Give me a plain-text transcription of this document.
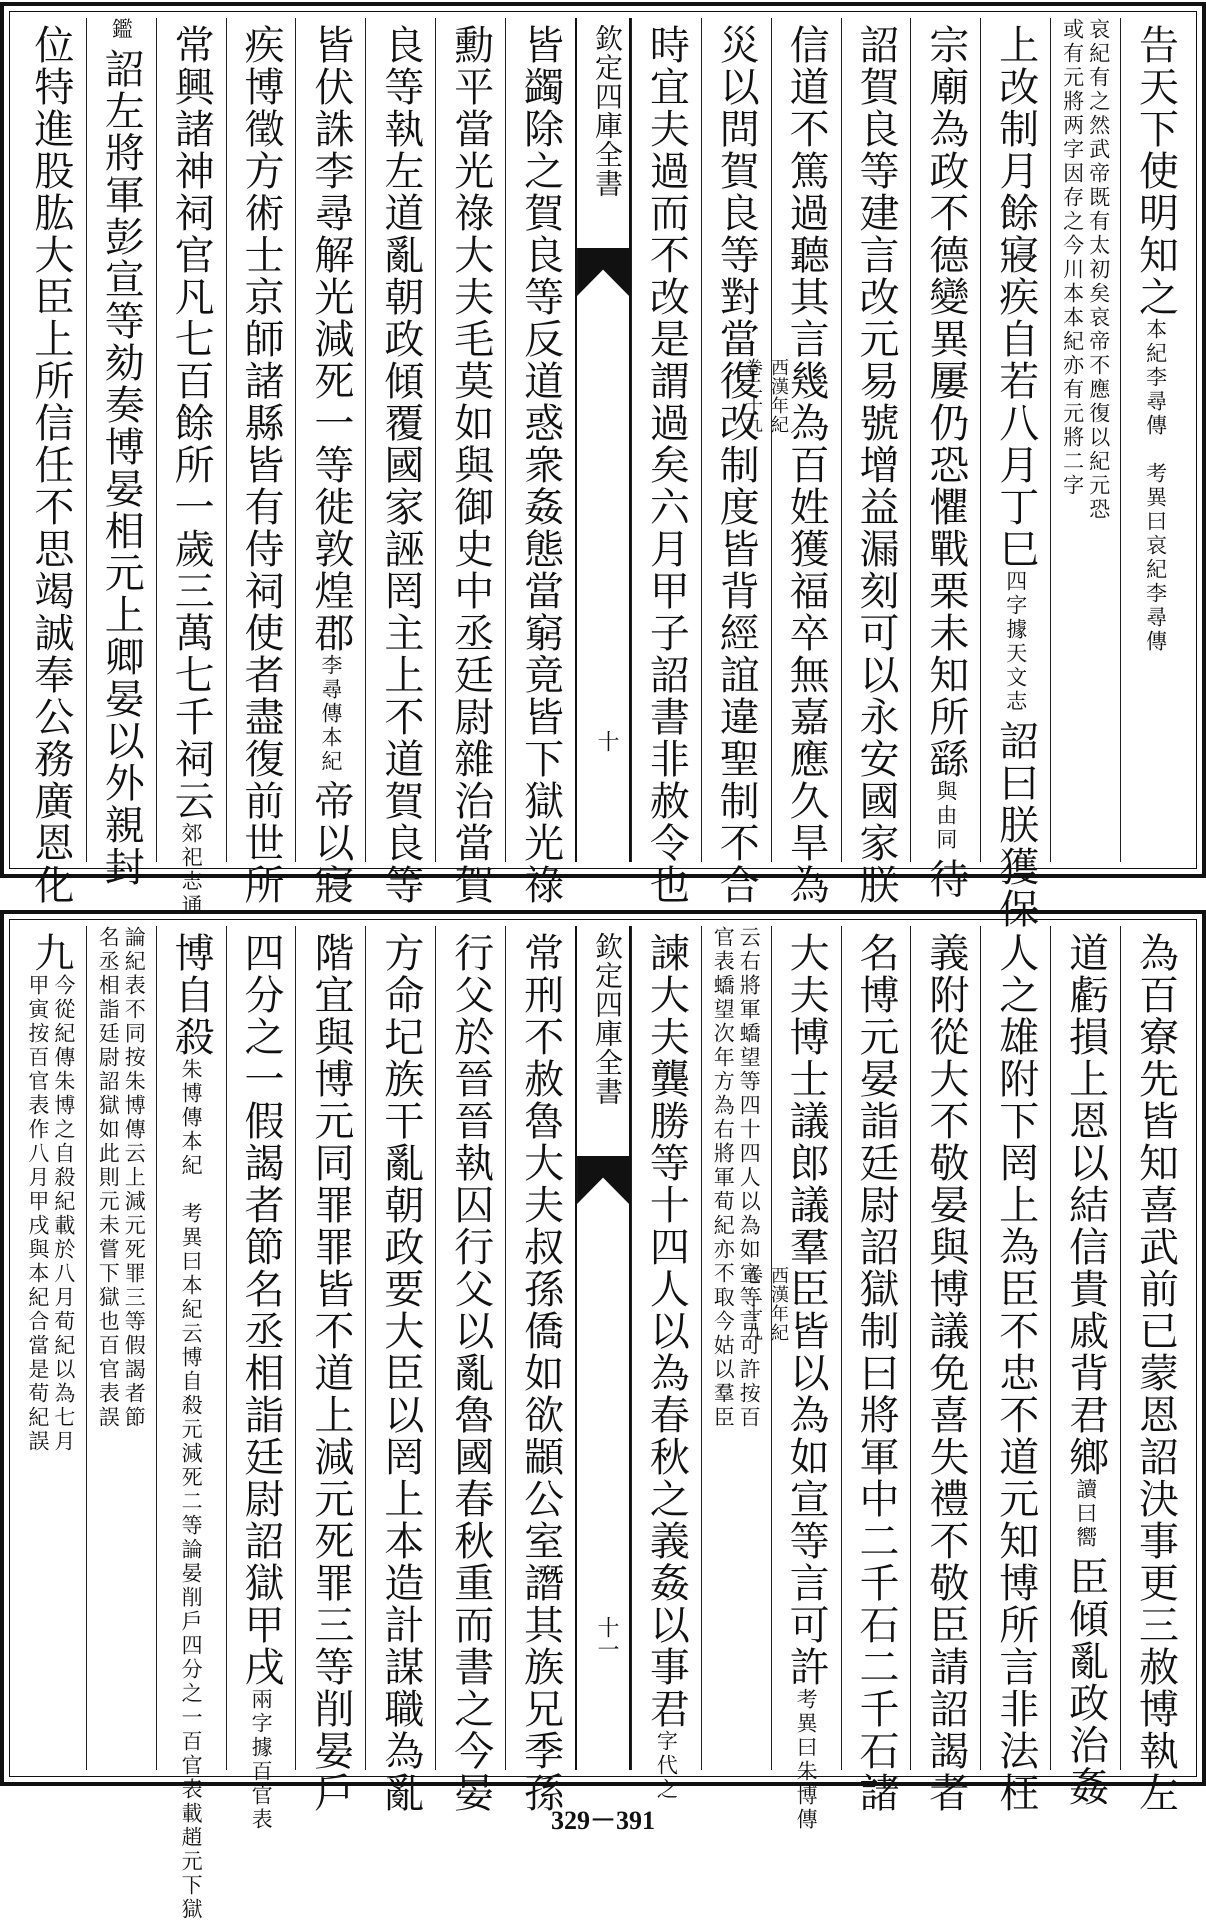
告天下使明知之
本紀李尋傳　考異曰哀紀李尋傳
哀紀有之然武帝既有太初矣哀帝不應復以紀元恐
或有元將两字因存之今川本本紀亦有元將二字
上改制月餘寢疾自若八月丁巳
四字據天文志
詔曰朕獲保
宗廟為政不德變異屢仍恐懼戰栗未知所繇
與由同
待
詔賀良等建言改元易號增益漏刻可以永安國家朕
信道不篤過聽其言幾為百姓獲福卒無嘉應久旱為
災以問賀良等對當復改制度皆背經誼違聖制不合
時宜夫過而不改是謂過矣六月甲子詔書非赦令也
欽定四庫全書
西漢年紀
卷二十九
十
皆蠲除之賀良等反道惑衆姦態當窮竟皆下獄光祿
勳平當光祿大夫毛莫如與御史中丞廷尉雜治當賀
良等執左道亂朝政傾覆國家誣罔主上不道賀良等
皆伏誅李尋解光減死一等徙敦煌郡
李尋傳本紀
帝以寢
疾博徵方術士京師諸縣皆有侍祠使者盡復前世所
常興諸神祠官凡七百餘所一歲三萬七千祠云
郊祀志通
鑑
詔左將軍彭宣等劾奏博晏相元上卿晏以外親封
位特進股肱大臣上所信任不思竭誠奉公務廣恩化
為百寮先皆知喜武前已蒙恩詔決事更三赦博執左
道虧損上恩以結信貴戚背君鄉
讀曰嚮
臣傾亂政治姦
人之雄附下罔上為臣不忠不道元知博所言非法枉
義附從大不敬晏與博議免喜失禮不敬臣請詔謁者
名博元晏詣廷尉詔獄制曰將軍中二千石二千石諸
大夫博士議郎議羣臣皆以為如宣等言可許
考異曰朱博傳
云右將軍蟜望等四十四人以為如宣等言可許按百
官表蟜望次年方為右將軍荀紀亦不取今姑以羣臣
諫大夫龔勝等十四人以為春秋之義姦以事君
字代之
欽定四庫全書
西漢年紀
卷二十九
十一
常刑不赦魯大夫叔孫僑如欲顓公室譖其族兄季孫
行父於晉晉執囚行父以亂魯國春秋重而書之今晏
方命圮族干亂朝政要大臣以罔上本造計謀職為亂
階宜與博元同罪罪皆不道上減元死罪三等削晏戶
四分之一假謁者節名丞相詣廷尉詔獄甲戌
兩字據百官表
博自殺
朱博傳本紀　考異曰本紀云博自殺元減死二等論晏削戶四分之一百官表載趙元下獄
論紀表不同按朱博傳云上減元死罪三等假謁者節
名丞相詣廷尉詔獄如此則元未嘗下獄也百官表誤
九
今從紀傳朱博之自殺紀載於八月荀紀以為七月
甲寅按百官表作八月甲戌與本紀合當是荀紀誤
329－391
